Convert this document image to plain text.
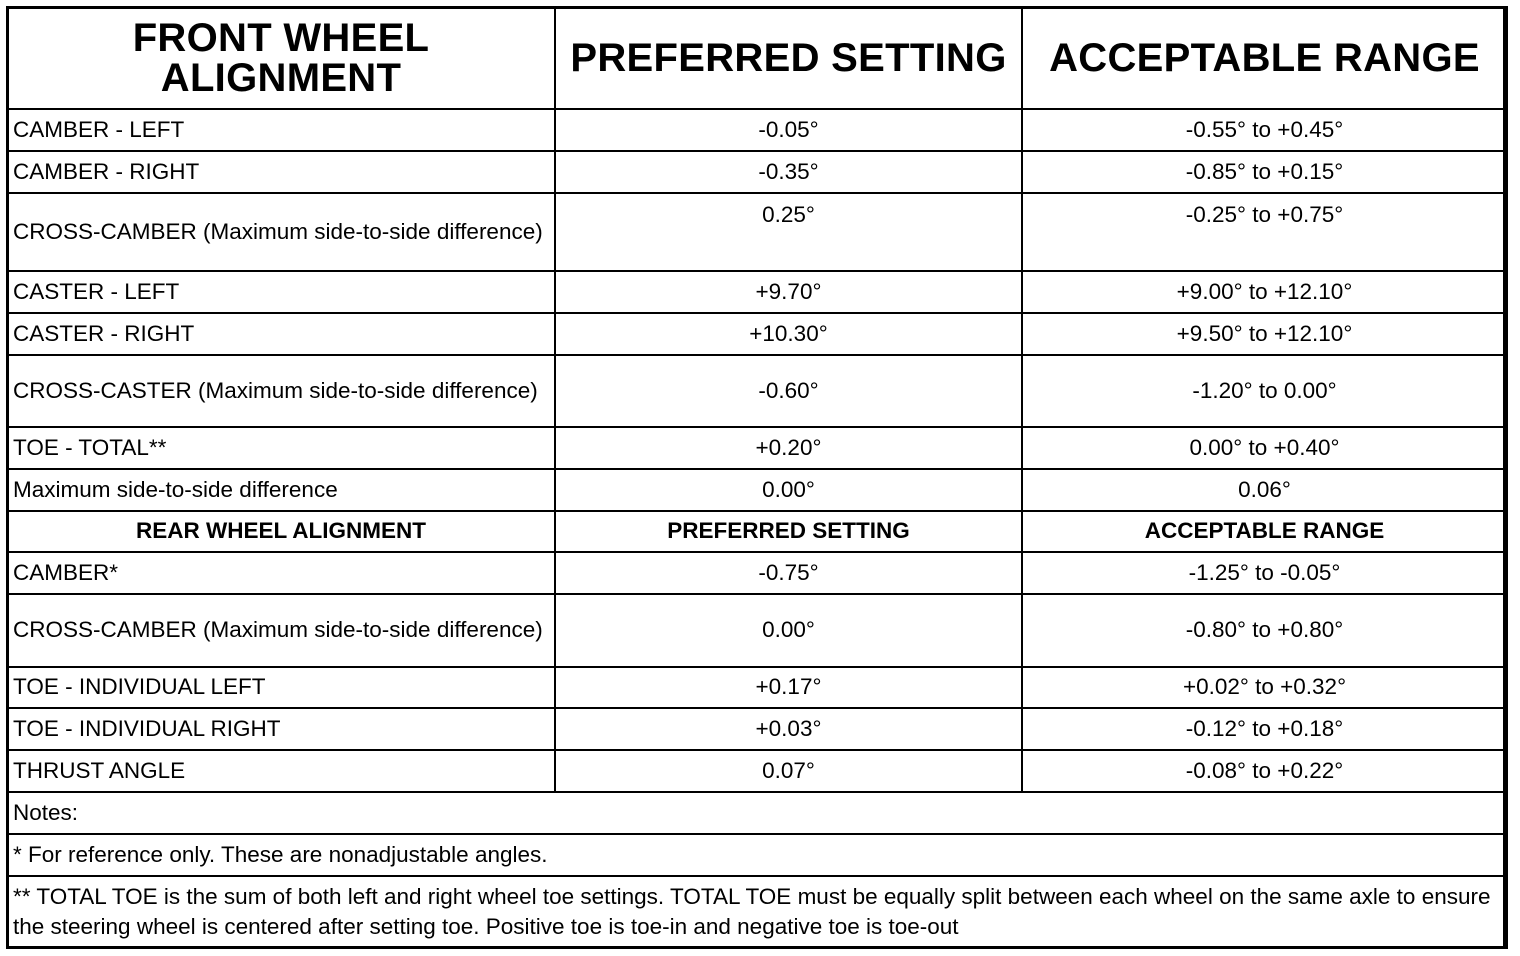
FRONT WHEEL
ALIGNMENT	PREFERRED SETTING	ACCEPTABLE RANGE
CAMBER - LEFT	-0.05°	-0.55° to +0.45°
CAMBER - RIGHT	-0.35°	-0.85° to +0.15°
CROSS-CAMBER (Maximum side-to-side difference)	0.25°	-0.25° to +0.75°
CASTER - LEFT	+9.70°	+9.00° to +12.10°
CASTER - RIGHT	+10.30°	+9.50° to +12.10°
CROSS-CASTER (Maximum side-to-side difference)	-0.60°	-1.20° to 0.00°
TOE - TOTAL**	+0.20°	0.00° to +0.40°
Maximum side-to-side difference	0.00°	0.06°
REAR WHEEL ALIGNMENT	PREFERRED SETTING	ACCEPTABLE RANGE
CAMBER*	-0.75°	-1.25° to -0.05°
CROSS-CAMBER (Maximum side-to-side difference)	0.00°	-0.80° to +0.80°
TOE - INDIVIDUAL LEFT	+0.17°	+0.02° to +0.32°
TOE - INDIVIDUAL RIGHT	+0.03°	-0.12° to +0.18°
THRUST ANGLE	0.07°	-0.08° to +0.22°
Notes:		
* For reference only. These are nonadjustable angles.		
** TOTAL TOE is the sum of both left and right wheel toe settings. TOTAL TOE must be equally split between each wheel on the same axle to ensure the steering wheel is centered after setting toe. Positive toe is toe-in and negative toe is toe-out		
